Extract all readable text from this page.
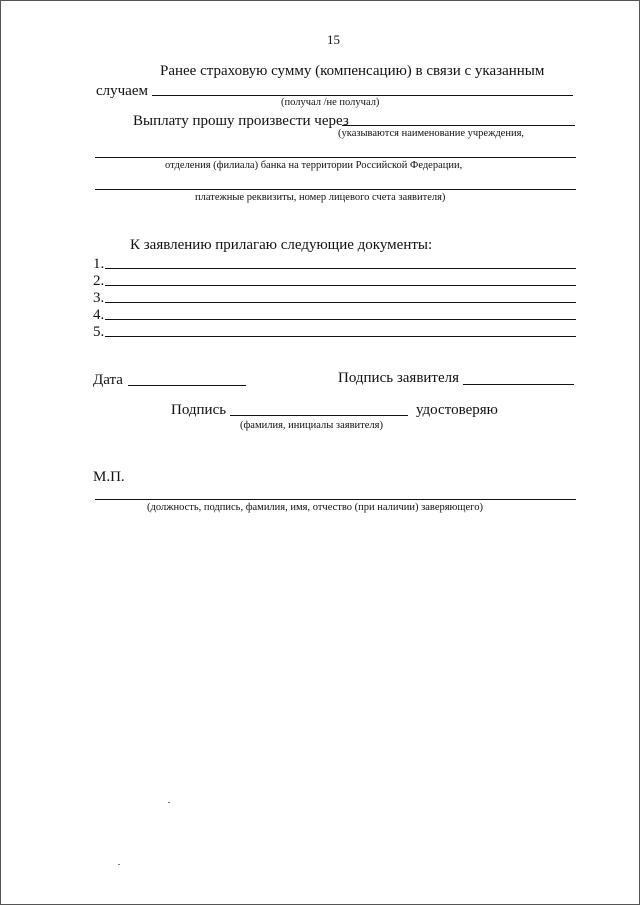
15
Ранее страховую сумму (компенсацию) в связи с указанным
случаем
(получал /не получал)
Выплату прошу произвести через
(указываются наименование учреждения,
отделения (филиала) банка на территории Российской Федерации,
платежные реквизиты, номер лицевого счета заявителя)
К заявлению прилагаю следующие документы:
1.
2.
3.
4.
5.
Дата	Подпись заявителя
Подпись	удостоверяю
(фамилия, инициалы заявителя)
М.П.
(должность, подпись, фамилия, имя, отчество (при наличии) заверяющего)
